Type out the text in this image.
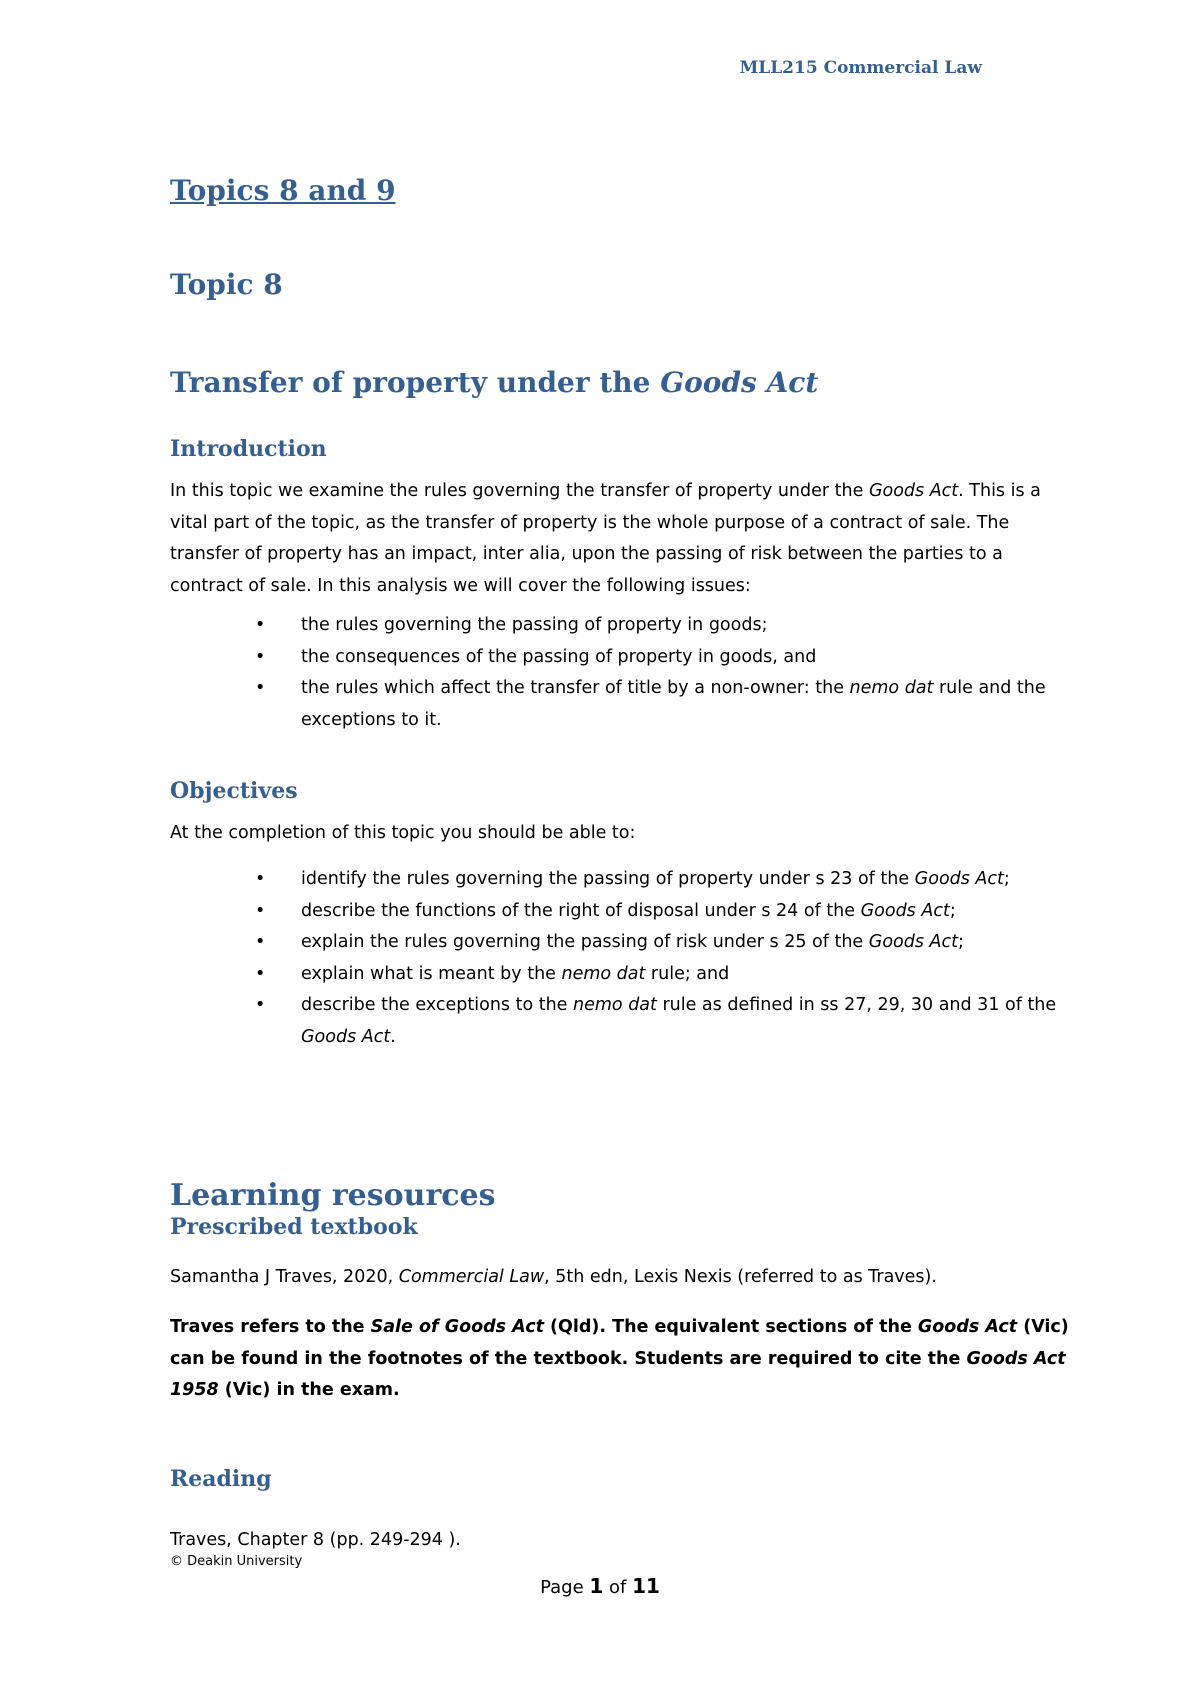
MLL215 Commercial Law
Topics 8 and 9
Topic 8
Transfer of property under the Goods Act
Introduction
In this topic we examine the rules governing the transfer of property under the Goods Act. This is a vital part of the topic, as the transfer of property is the whole purpose of a contract of sale. The transfer of property has an impact, inter alia, upon the passing of risk between the parties to a contract of sale. In this analysis we will cover the following issues:
• the rules governing the passing of property in goods;
• the consequences of the passing of property in goods, and
• the rules which affect the transfer of title by a non-owner: the nemo dat rule and the exceptions to it.
Objectives
At the completion of this topic you should be able to:
• identify the rules governing the passing of property under s 23 of the Goods Act;
• describe the functions of the right of disposal under s 24 of the Goods Act;
• explain the rules governing the passing of risk under s 25 of the Goods Act;
• explain what is meant by the nemo dat rule; and
• describe the exceptions to the nemo dat rule as defined in ss 27, 29, 30 and 31 of the Goods Act.
Learning resources
Prescribed textbook
Samantha J Traves, 2020, Commercial Law, 5th edn, Lexis Nexis (referred to as Traves).
Traves refers to the Sale of Goods Act (Qld). The equivalent sections of the Goods Act (Vic) can be found in the footnotes of the textbook. Students are required to cite the Goods Act 1958 (Vic) in the exam.
Reading
Traves, Chapter 8 (pp. 249-294 ).
© Deakin University
Page 1 of 11
